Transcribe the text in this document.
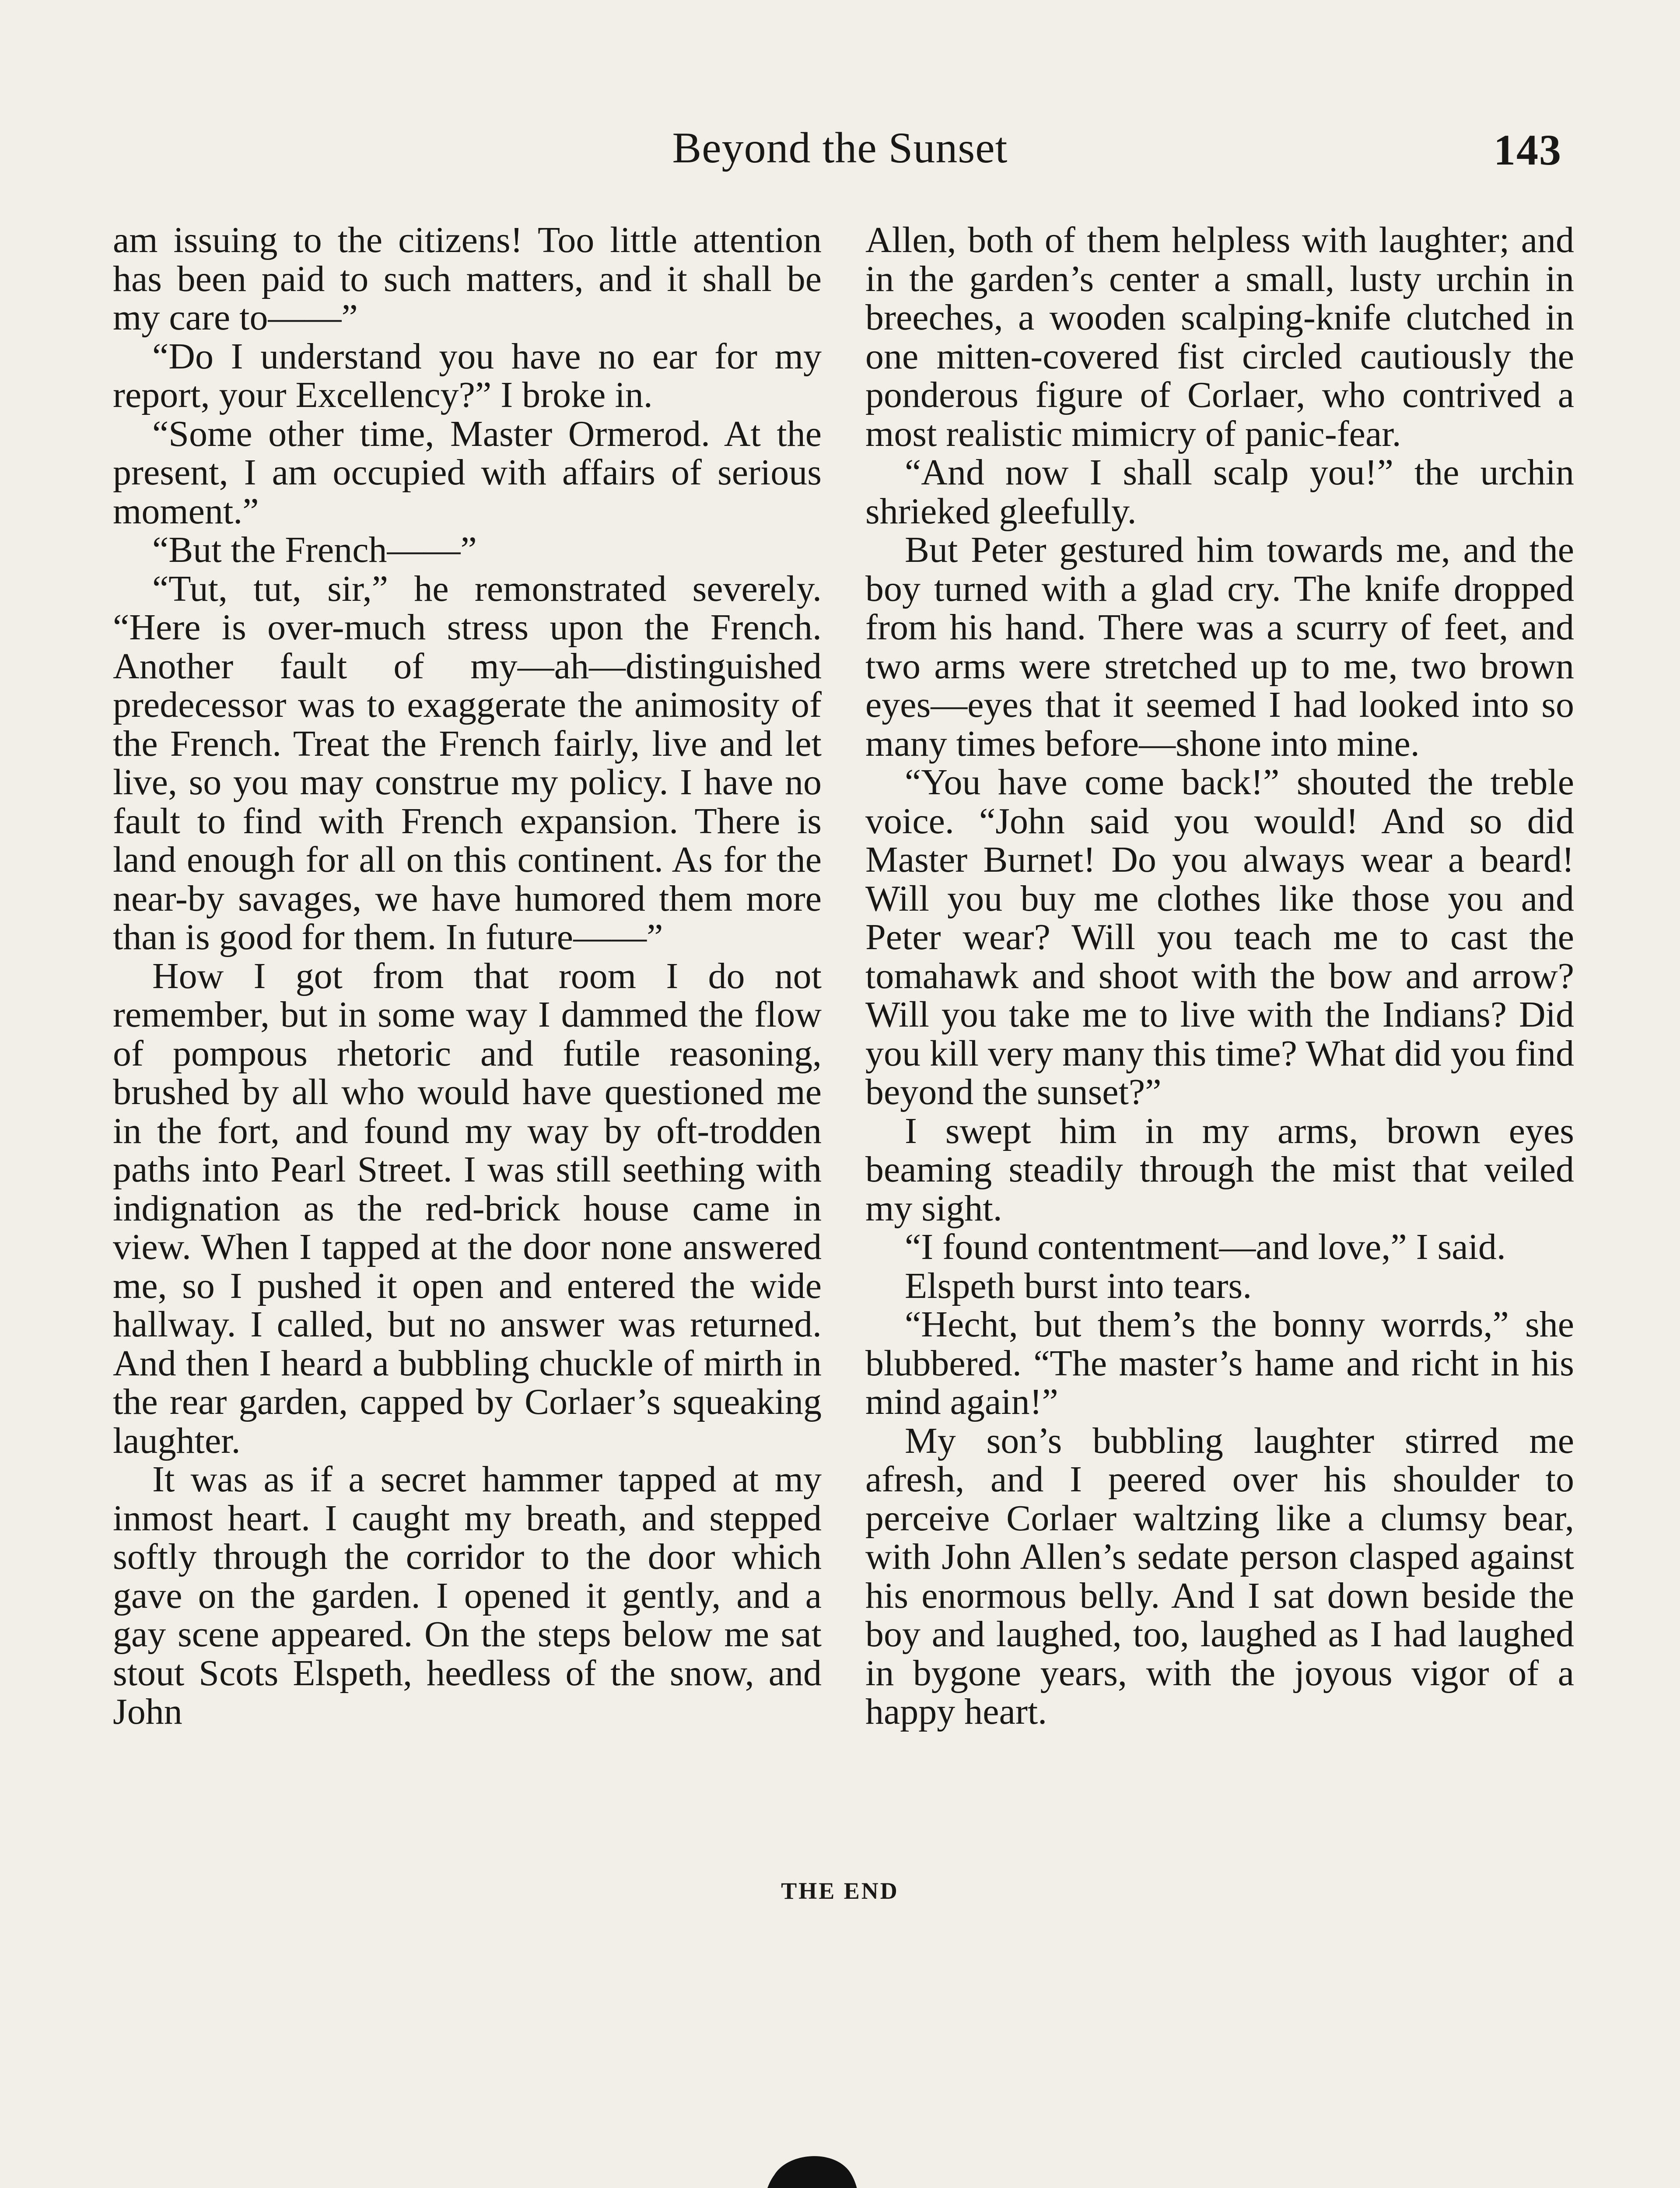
Beyond the Sunset	143

am issuing to the citizens! Too little attention has been paid to such matters, and it shall be my care to——”

“Do I understand you have no ear for my report, your Excellency?” I broke in.

“Some other time, Master Ormerod. At the present, I am occupied with affairs of serious moment.”

“But the French——”

“Tut, tut, sir,” he remonstrated severely. “Here is over-much stress upon the French. Another fault of my—ah—distinguished predecessor was to exaggerate the animosity of the French. Treat the French fairly, live and let live, so you may construe my policy. I have no fault to find with French expansion. There is land enough for all on this continent. As for the near-by savages, we have humored them more than is good for them. In future——”

How I got from that room I do not remember, but in some way I dammed the flow of pompous rhetoric and futile reasoning, brushed by all who would have questioned me in the fort, and found my way by oft-trodden paths into Pearl Street. I was still seething with indignation as the red-brick house came in view. When I tapped at the door none answered me, so I pushed it open and entered the wide hallway. I called, but no answer was returned. And then I heard a bubbling chuckle of mirth in the rear garden, capped by Corlaer’s squeaking laughter.

It was as if a secret hammer tapped at my inmost heart. I caught my breath, and stepped softly through the corridor to the door which gave on the garden. I opened it gently, and a gay scene appeared. On the steps below me sat stout Scots Elspeth, heedless of the snow, and John

Allen, both of them helpless with laughter; and in the garden’s center a small, lusty urchin in breeches, a wooden scalping-knife clutched in one mitten-covered fist circled cautiously the ponderous figure of Corlaer, who contrived a most realistic mimicry of panic-fear.

“And now I shall scalp you!” the urchin shrieked gleefully.

But Peter gestured him towards me, and the boy turned with a glad cry. The knife dropped from his hand. There was a scurry of feet, and two arms were stretched up to me, two brown eyes—eyes that it seemed I had looked into so many times before—shone into mine.

“You have come back!” shouted the treble voice. “John said you would! And so did Master Burnet! Do you always wear a beard! Will you buy me clothes like those you and Peter wear? Will you teach me to cast the tomahawk and shoot with the bow and arrow? Will you take me to live with the Indians? Did you kill very many this time? What did you find beyond the sunset?”

I swept him in my arms, brown eyes beaming steadily through the mist that veiled my sight.

“I found contentment—and love,” I said.

Elspeth burst into tears.

“Hecht, but them’s the bonny worrds,” she blubbered. “The master’s hame and richt in his mind again!”

My son’s bubbling laughter stirred me afresh, and I peered over his shoulder to perceive Corlaer waltzing like a clumsy bear, with John Allen’s sedate person clasped against his enormous belly. And I sat down beside the boy and laughed, too, laughed as I had laughed in bygone years, with the joyous vigor of a happy heart.

THE END
